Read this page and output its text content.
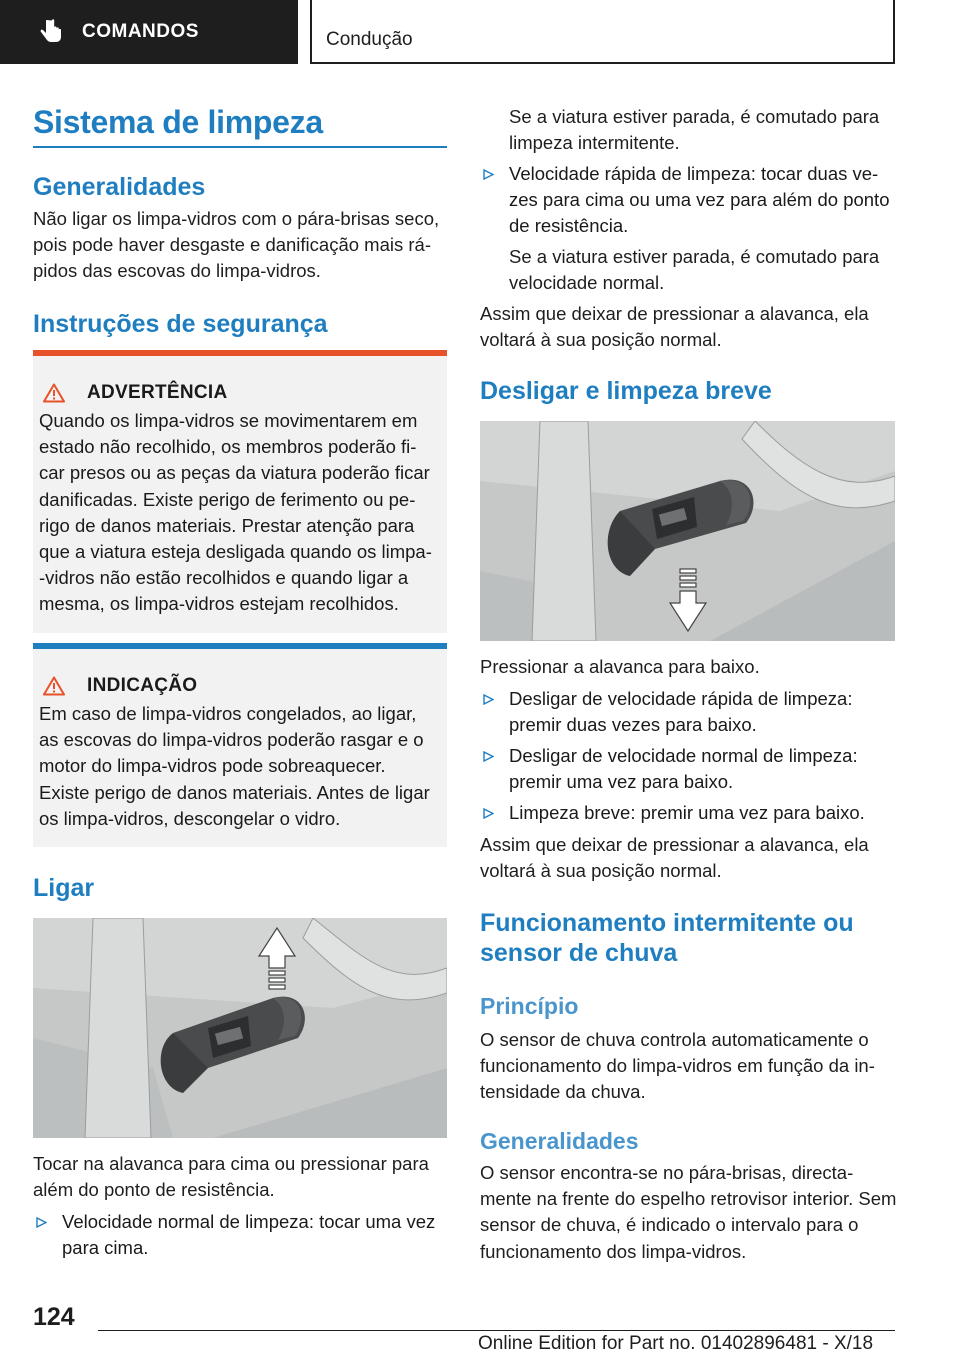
COMANDOS	Condução
Sistema de limpeza
Generalidades
Não ligar os limpa-vidros com o pára-brisas seco, pois pode haver desgaste e danificação mais rá-pidos das escovas do limpa-vidros.
Instruções de segurança
ADVERTÊNCIA
Quando os limpa-vidros se movimentarem em estado não recolhido, os membros poderão fi-car presos ou as peças da viatura poderão ficar danificadas. Existe perigo de ferimento ou pe-rigo de danos materiais. Prestar atenção para que a viatura esteja desligada quando os limpa--vidros não estão recolhidos e quando ligar a mesma, os limpa-vidros estejam recolhidos.
INDICAÇÃO
Em caso de limpa-vidros congelados, ao ligar, as escovas do limpa-vidros poderão rasgar e o motor do limpa-vidros pode sobreaquecer. Existe perigo de danos materiais. Antes de ligar os limpa-vidros, descongelar o vidro.
Ligar
Tocar na alavanca para cima ou pressionar para além do ponto de resistência.
Velocidade normal de limpeza: tocar uma vez para cima.
Se a viatura estiver parada, é comutado para limpeza intermitente.
Velocidade rápida de limpeza: tocar duas ve-zes para cima ou uma vez para além do ponto de resistência.
Se a viatura estiver parada, é comutado para velocidade normal.
Assim que deixar de pressionar a alavanca, ela voltará à sua posição normal.
Desligar e limpeza breve
Pressionar a alavanca para baixo.
Desligar de velocidade rápida de limpeza: premir duas vezes para baixo.
Desligar de velocidade normal de limpeza: premir uma vez para baixo.
Limpeza breve: premir uma vez para baixo.
Assim que deixar de pressionar a alavanca, ela voltará à sua posição normal.
Funcionamento intermitente ou
sensor de chuva
Princípio
O sensor de chuva controla automaticamente o funcionamento do limpa-vidros em função da in-tensidade da chuva.
Generalidades
O sensor encontra-se no pára-brisas, directa-mente na frente do espelho retrovisor interior. Sem sensor de chuva, é indicado o intervalo para o funcionamento dos limpa-vidros.
124
Online Edition for Part no. 01402896481 - X/18
